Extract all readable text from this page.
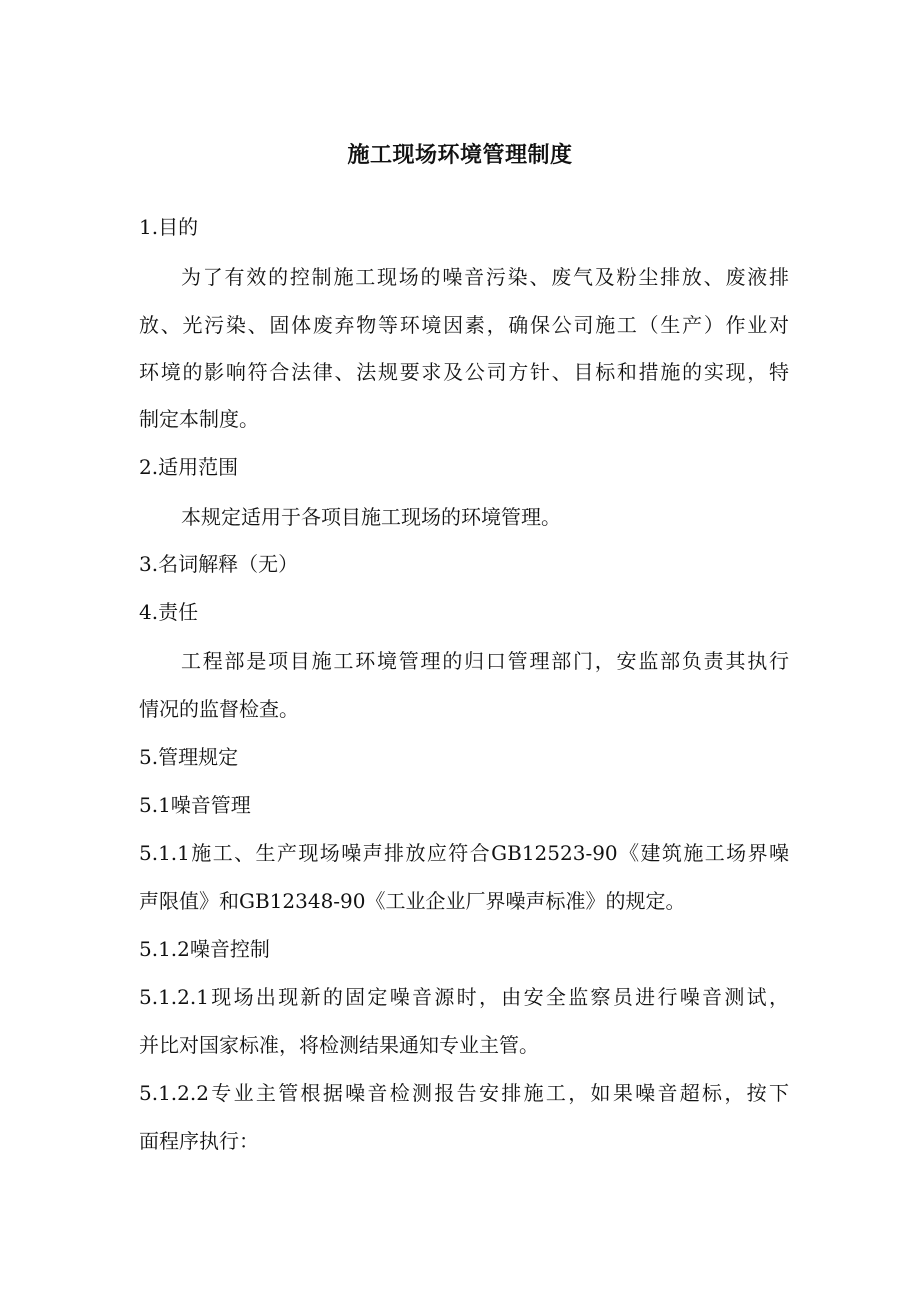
施工现场环境管理制度
1.目的
为了有效的控制施工现场的噪音污染、废气及粉尘排放、废液排
放、光污染、固体废弃物等环境因素，确保公司施工（生产）作业对
环境的影响符合法律、法规要求及公司方针、目标和措施的实现，特
制定本制度。
2.适用范围
本规定适用于各项目施工现场的环境管理。
3.名词解释（无）
4.责任
工程部是项目施工环境管理的归口管理部门，安监部负责其执行
情况的监督检查。
5.管理规定
5.1噪音管理
5.1.1施工、生产现场噪声排放应符合GB12523-90《建筑施工场界噪
声限值》和GB12348-90《工业企业厂界噪声标准》的规定。
5.1.2噪音控制
5.1.2.1现场出现新的固定噪音源时，由安全监察员进行噪音测试，
并比对国家标准，将检测结果通知专业主管。
5.1.2.2专业主管根据噪音检测报告安排施工，如果噪音超标，按下
面程序执行：
